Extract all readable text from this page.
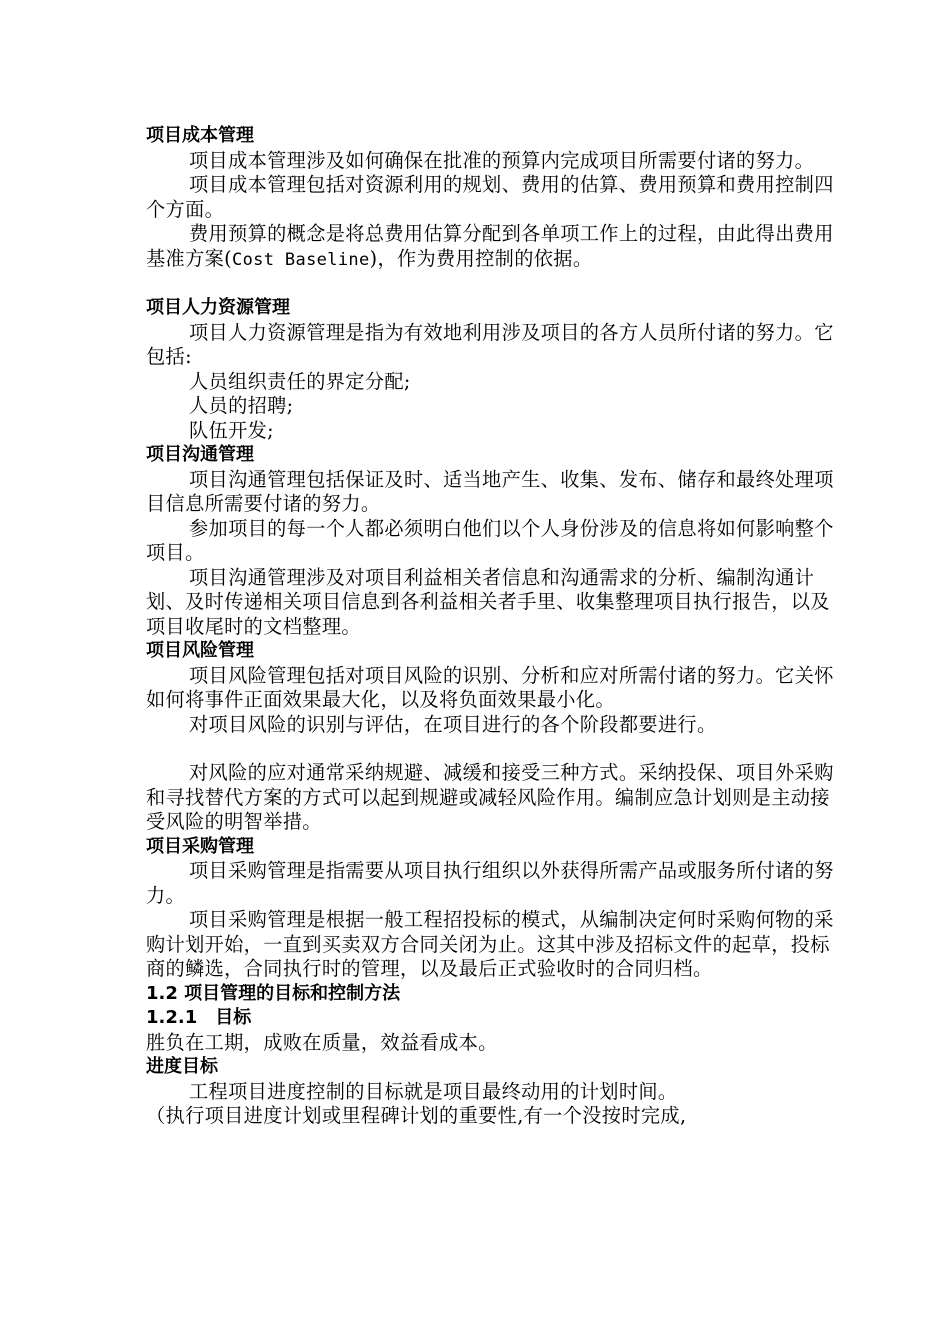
项目成本管理

项目成本管理涉及如何确保在批准的预算内完成项目所需要付诸的努力。

项目成本管理包括对资源利用的规划、费用的估算、费用预算和费用控制四个方面。

费用预算的概念是将总费用估算分配到各单项工作上的过程，由此得出费用 基准方案(Cost Baseline)，作为费用控制的依据。

项目人力资源管理

项目人力资源管理是指为有效地利用涉及项目的各方人员所付诸的努力。它包括:

人员组织责任的界定分配;

人员的招聘;

队伍开发;

项目沟通管理

项目沟通管理包括保证及时、适当地产生、收集、发布、储存和最终处理项 目信息所需要付诸的努力。

参加项目的每一个人都必须明白他们以个人身份涉及的信息将如何影响整个项目。

项目沟通管理涉及对项目利益相关者信息和沟通需求的分析、编制沟通计划、及时传递相关项目信息到各利益相关者手里、收集整理项目执行报告，以及项目收尾时的文档整理。

项目风险管理

项目风险管理包括对项目风险的识别、分析和应对所需付诸的努力。它关怀 如何将事件正面效果最大化，以及将负面效果最小化。

对项目风险的识别与评估，在项目进行的各个阶段都要进行。

对风险的应对通常采纳规避、减缓和接受三种方式。采纳投保、项目外采购 和寻找替代方案的方式可以起到规避或减轻风险作用。编制应急计划则是主动接 受风险的明智举措。

项目采购管理

项目采购管理是指需要从项目执行组织以外获得所需产品或服务所付诸的努力。

项目采购管理是根据一般工程招投标的模式，从编制决定何时采购何物的采 购计划开始，一直到买卖双方合同关闭为止。这其中涉及招标文件的起草，投标 商的鳞选，合同执行时的管理，以及最后正式验收时的合同归档。

1.2 项目管理的目标和控制方法

1.2.1　目标

胜负在工期，成败在质量，效益看成本。

进度目标

工程项目进度控制的目标就是项目最终动用的计划时间。

（执行项目进度计划或里程碑计划的重要性,有一个没按时完成,
